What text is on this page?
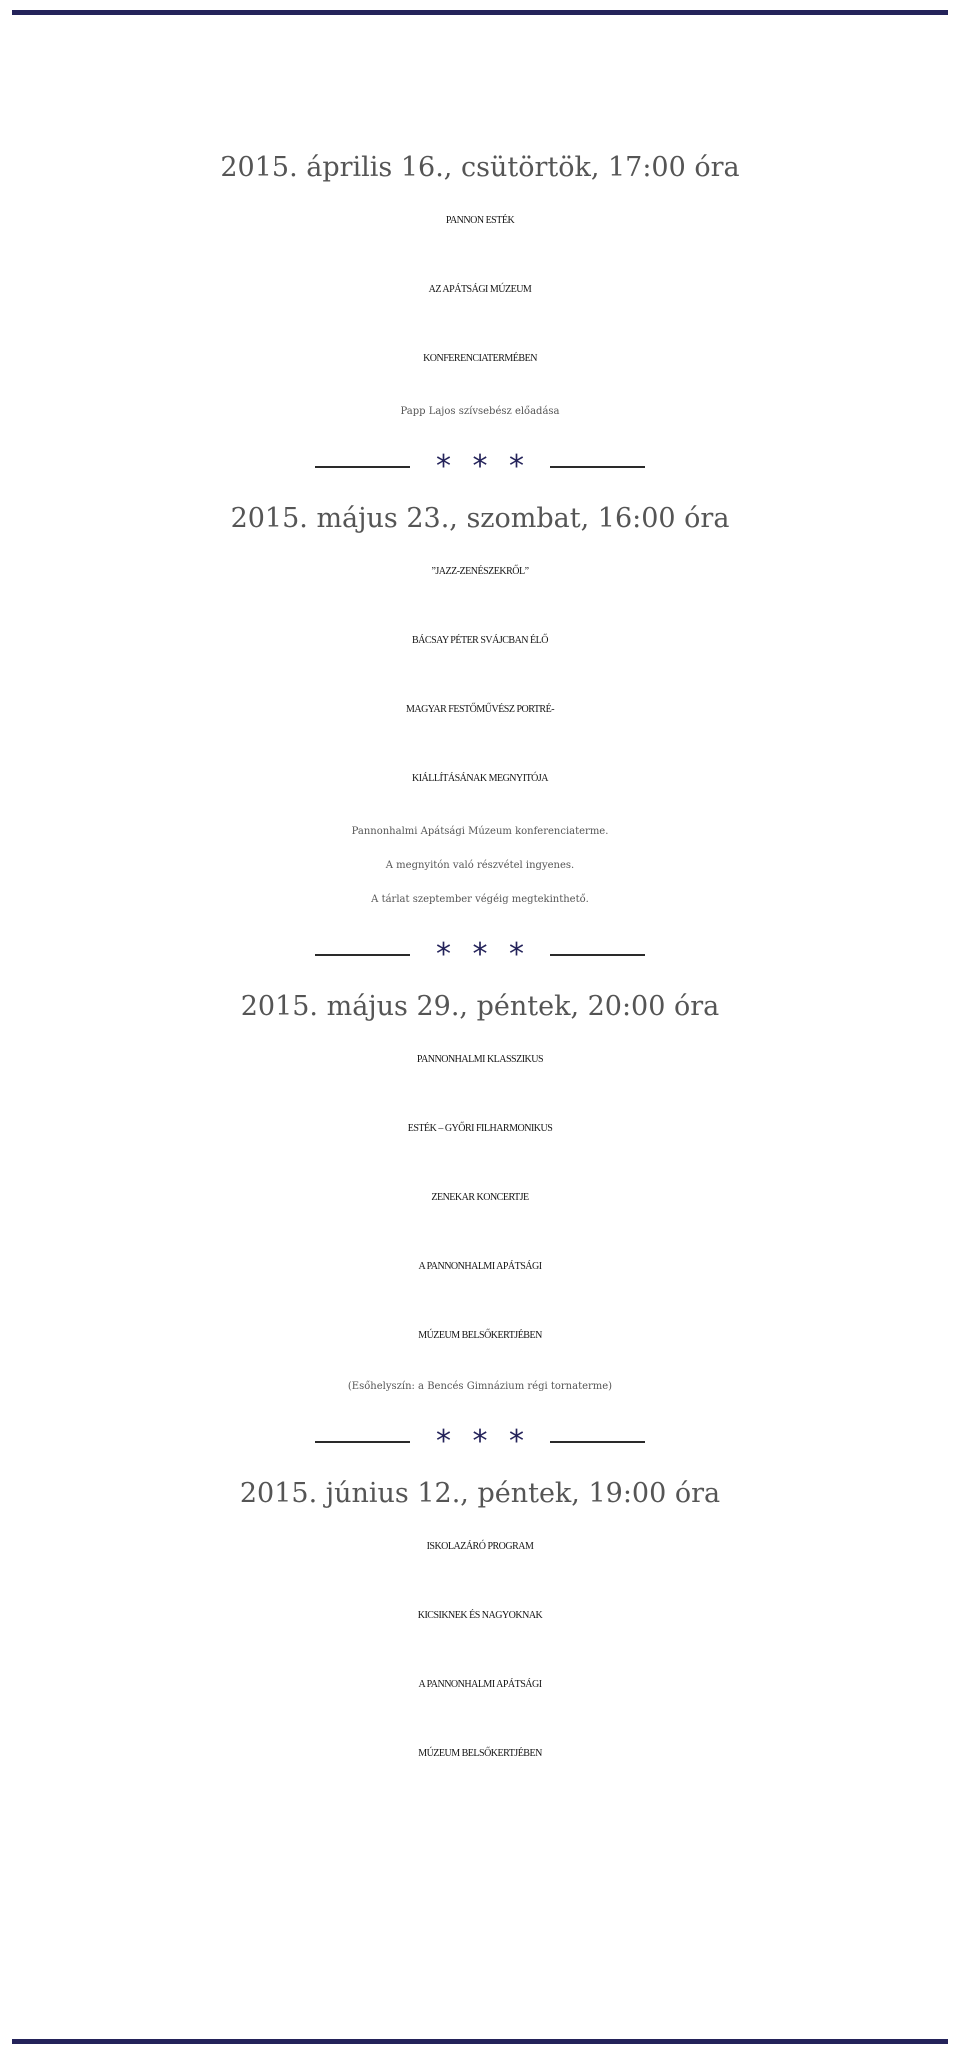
2015. április 16., csütörtök, 17:00 óra
PANNON ESTÉK
AZ APÁTSÁGI MÚZEUM
KONFERENCIATERMÉBEN
Papp Lajos szívsebész előadása
* * *
2015. május 23., szombat, 16:00 óra
”JAZZ-ZENÉSZEKRŐL”
BÁCSAY PÉTER SVÁJCBAN ÉLŐ
MAGYAR FESTŐMŰVÉSZ PORTRÉ-
KIÁLLÍTÁSÁNAK MEGNYITÓJA
Pannonhalmi Apátsági Múzeum konferenciaterme.
A megnyitón való részvétel ingyenes.
A tárlat szeptember végéig megtekinthető.
* * *
2015. május 29., péntek, 20:00 óra
PANNONHALMI KLASSZIKUS
ESTÉK – GYŐRI FILHARMONIKUS
ZENEKAR KONCERTJE
A PANNONHALMI APÁTSÁGI
MÚZEUM BELSŐKERTJÉBEN
(Esőhelyszín: a Bencés Gimnázium régi tornaterme)
* * *
2015. június 12., péntek, 19:00 óra
ISKOLAZÁRÓ PROGRAM
KICSIKNEK ÉS NAGYOKNAK
A PANNONHALMI APÁTSÁGI
MÚZEUM BELSŐKERTJÉBEN
